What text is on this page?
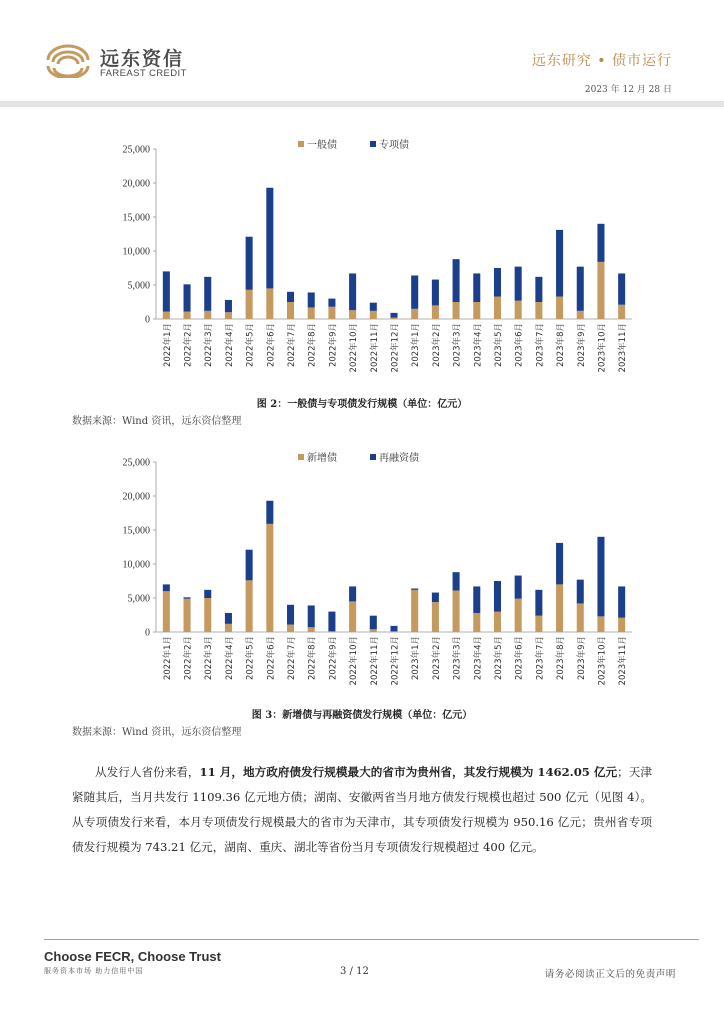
远东资信
FAREAST CREDIT
远东研究 • 债市运行
2023 年 12 月 28 日
0
5,000
10,000
15,000
20,000
25,000
2022年1月 2022年2月 2022年3月 2022年4月 2022年5月 2022年6月 2022年7月 2022年8月 2022年9月 2022年10月 2022年11月 2022年12月 2023年1月 2023年2月 2023年3月 2023年4月 2023年5月 2023年6月 2023年7月 2023年8月 2023年9月 2023年10月 2023年11月
一般债	专项债
图 2：一般债与专项债发行规模（单位：亿元）
数据来源：Wind 资讯，远东资信整理
0
5,000
10,000
15,000
20,000
25,000
2022年1月 2022年2月 2022年3月 2022年4月 2022年5月 2022年6月 2022年7月 2022年8月 2022年9月 2022年10月 2022年11月 2022年12月 2023年1月 2023年2月 2023年3月 2023年4月 2023年5月 2023年6月 2023年7月 2023年8月 2023年9月 2023年10月 2023年11月
新增债	再融资债
图 3：新增债与再融资债发行规模（单位：亿元）
数据来源：Wind 资讯，远东资信整理
从发行人省份来看，11 月，地方政府债发行规模最大的省市为贵州省，其发行规模为 1462.05 亿元；天津紧随其后，当月共发行 1109.36 亿元地方债；湖南、安徽两省当月地方债发行规模也超过 500 亿元（见图 4）。从专项债发行来看，本月专项债发行规模最大的省市为天津市，其专项债发行规模为 950.16 亿元；贵州省专项债发行规模为 743.21 亿元，湖南、重庆、湖北等省份当月专项债发行规模超过 400 亿元。
Choose FECR, Choose Trust
服务资本市场 助力信用中国	3 / 12	请务必阅读正文后的免责声明
